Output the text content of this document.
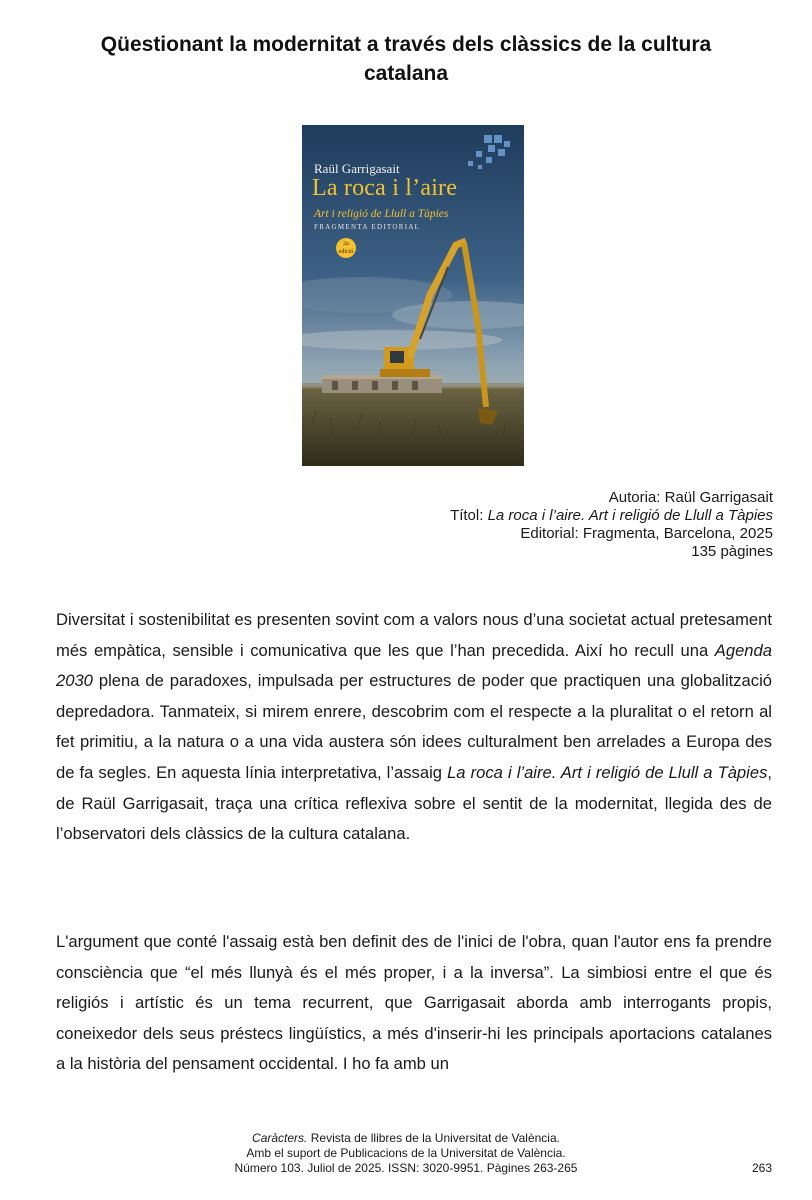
Qüestionant la modernitat a través dels clàssics de la cultura catalana
Raül Garrigasait
La roca i l’aire
Art i religió de Llull a Tàpies
FRAGMENTA EDITORIAL
2a
edició
Autoria: Raül Garrigasait
Títol: La roca i l’aire. Art i religió de Llull a Tàpies
Editorial: Fragmenta, Barcelona, 2025
135 pàgines

Diversitat i sostenibilitat es presenten sovint com a valors nous d’una societat actual pretesament més empàtica, sensible i comunicativa que les que l’han precedida. Així ho recull una Agenda 2030 plena de paradoxes, impulsada per estructures de poder que practiquen una globalització depredadora. Tanmateix, si mirem enrere, descobrim com el respecte a la pluralitat o el retorn al fet primitiu, a la natura o a una vida austera són idees culturalment ben arrelades a Europa des de fa segles. En aquesta línia interpretativa, l’assaig La roca i l’aire. Art i religió de Llull a Tàpies, de Raül Garrigasait, traça una crítica reflexiva sobre el sentit de la modernitat, llegida des de l’observatori dels clàssics de la cultura catalana.

L'argument que conté l'assaig està ben definit des de l'inici de l'obra, quan l'autor ens fa prendre consciència que “el més llunyà és el més proper, i a la inversa”. La simbiosi entre el que és religiós i artístic és un tema recurrent, que Garrigasait aborda amb interrogants propis, coneixedor dels seus préstecs lingüístics, a més d'inserir-hi les principals aportacions catalanes a la història del pensament occidental. I ho fa amb un

Caràcters. Revista de llibres de la Universitat de València.
Amb el suport de Publicacions de la Universitat de València.
Número 103. Juliol de 2025. ISSN: 3020-9951. Pàgines 263-265	263
